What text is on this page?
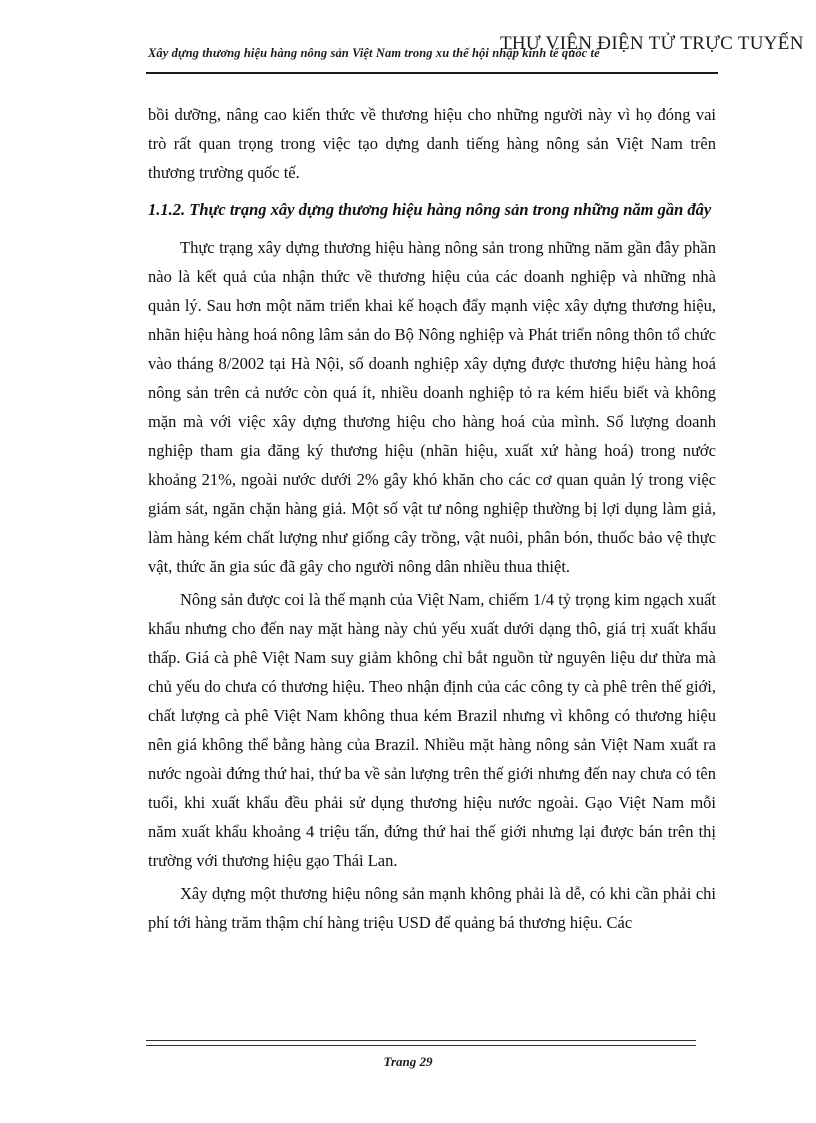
Xây dựng thương hiệu hàng nông sản Việt Nam trong xu thế hội nhập kinh tế quốc tế
THƯ VIỆN ĐIỆN TỬ TRỰC TUYẾN

bồi dưỡng, nâng cao kiến thức về thương hiệu cho những người này vì họ đóng vai trò rất quan trọng trong việc tạo dựng danh tiếng hàng nông sản Việt Nam trên thương trường quốc tế.

1.1.2. Thực trạng xây dựng thương hiệu hàng nông sản trong những năm gần đây

Thực trạng xây dựng thương hiệu hàng nông sản trong những năm gần đây phần nào là kết quả của nhận thức về thương hiệu của các doanh nghiệp và những nhà quản lý. Sau hơn một năm triển khai kế hoạch đẩy mạnh việc xây dựng thương hiệu, nhãn hiệu hàng hoá nông lâm sản do Bộ Nông nghiệp và Phát triển nông thôn tổ chức vào tháng 8/2002 tại Hà Nội, số doanh nghiệp xây dựng được thương hiệu hàng hoá nông sản trên cả nước còn quá ít, nhiều doanh nghiệp tỏ ra kém hiểu biết và không mặn mà với việc xây dựng thương hiệu cho hàng hoá của mình. Số lượng doanh nghiệp tham gia đăng ký thương hiệu (nhãn hiệu, xuất xứ hàng hoá) trong nước khoảng 21%, ngoài nước dưới 2% gây khó khăn cho các cơ quan quản lý trong việc giám sát, ngăn chặn hàng giả. Một số vật tư nông nghiệp thường bị lợi dụng làm giả, làm hàng kém chất lượng như giống cây trồng, vật nuôi, phân bón, thuốc bảo vệ thực vật, thức ăn gia súc đã gây cho người nông dân nhiều thua thiệt.

Nông sản được coi là thế mạnh của Việt Nam, chiếm 1/4 tỷ trọng kim ngạch xuất khẩu nhưng cho đến nay mặt hàng này chủ yếu xuất dưới dạng thô, giá trị xuất khẩu thấp. Giá cà phê Việt Nam suy giảm không chỉ bắt nguồn từ nguyên liệu dư thừa mà chủ yếu do chưa có thương hiệu. Theo nhận định của các công ty cà phê trên thế giới, chất lượng cà phê Việt Nam không thua kém Brazil nhưng vì không có thương hiệu nên giá không thể bằng hàng của Brazil. Nhiều mặt hàng nông sản Việt Nam xuất ra nước ngoài đứng thứ hai, thứ ba về sản lượng trên thế giới nhưng đến nay chưa có tên tuổi, khi xuất khẩu đều phải sử dụng thương hiệu nước ngoài. Gạo Việt Nam mỗi năm xuất khẩu khoảng 4 triệu tấn, đứng thứ hai thế giới nhưng lại được bán trên thị trường với thương hiệu gạo Thái Lan.

Xây dựng một thương hiệu nông sản mạnh không phải là dễ, có khi cần phải chi phí tới hàng trăm thậm chí hàng triệu USD để quảng bá thương hiệu. Các

Trang 29
